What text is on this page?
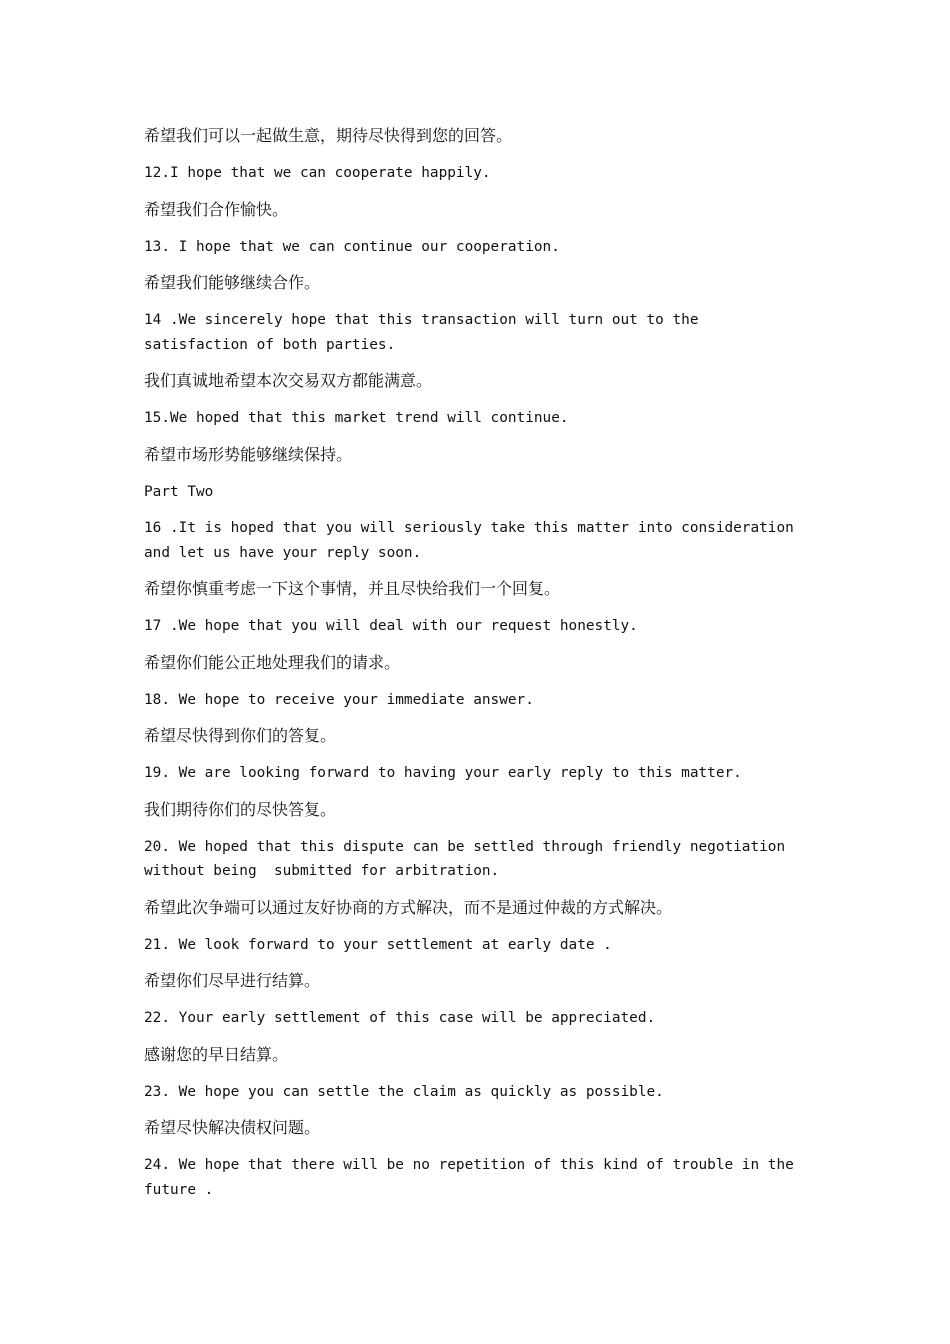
希望我们可以一起做生意，期待尽快得到您的回答。

12.I hope that we can cooperate happily.

希望我们合作愉快。

13. I hope that we can continue our cooperation.

希望我们能够继续合作。

14 .We sincerely hope that this transaction will turn out to the
satisfaction of both parties.

我们真诚地希望本次交易双方都能满意。

15.We hoped that this market trend will continue.

希望市场形势能够继续保持。

Part Two

16 .It is hoped that you will seriously take this matter into consideration
and let us have your reply soon.

希望你慎重考虑一下这个事情，并且尽快给我们一个回复。

17 .We hope that you will deal with our request honestly.

希望你们能公正地处理我们的请求。

18. We hope to receive your immediate answer.

希望尽快得到你们的答复。

19. We are looking forward to having your early reply to this matter.

我们期待你们的尽快答复。

20. We hoped that this dispute can be settled through friendly negotiation
without being  submitted for arbitration.

希望此次争端可以通过友好协商的方式解决，而不是通过仲裁的方式解决。

21. We look forward to your settlement at early date .

希望你们尽早进行结算。

22. Your early settlement of this case will be appreciated.

感谢您的早日结算。

23. We hope you can settle the claim as quickly as possible.

希望尽快解决债权问题。

24. We hope that there will be no repetition of this kind of trouble in the
future .
